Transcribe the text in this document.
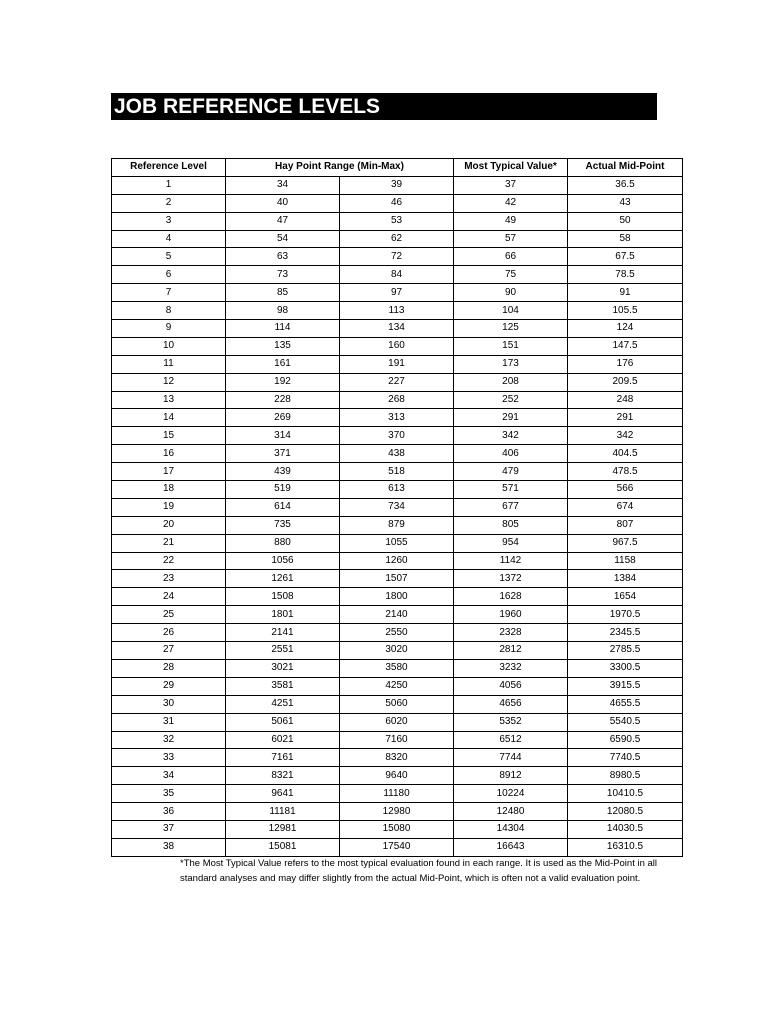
JOB REFERENCE LEVELS
Reference Level	Hay Point Range (Min-Max)		Most Typical Value*	Actual Mid-Point
1	34	39	37	36.5
2	40	46	42	43
3	47	53	49	50
4	54	62	57	58
5	63	72	66	67.5
6	73	84	75	78.5
7	85	97	90	91
8	98	113	104	105.5
9	114	134	125	124
10	135	160	151	147.5
11	161	191	173	176
12	192	227	208	209.5
13	228	268	252	248
14	269	313	291	291
15	314	370	342	342
16	371	438	406	404.5
17	439	518	479	478.5
18	519	613	571	566
19	614	734	677	674
20	735	879	805	807
21	880	1055	954	967.5
22	1056	1260	1142	1158
23	1261	1507	1372	1384
24	1508	1800	1628	1654
25	1801	2140	1960	1970.5
26	2141	2550	2328	2345.5
27	2551	3020	2812	2785.5
28	3021	3580	3232	3300.5
29	3581	4250	4056	3915.5
30	4251	5060	4656	4655.5
31	5061	6020	5352	5540.5
32	6021	7160	6512	6590.5
33	7161	8320	7744	7740.5
34	8321	9640	8912	8980.5
35	9641	11180	10224	10410.5
36	11181	12980	12480	12080.5
37	12981	15080	14304	14030.5
38	15081	17540	16643	16310.5
*The Most Typical Value refers to the most typical evaluation found in each range. It is used as the Mid-Point in all
standard analyses and may differ slightly from the actual Mid-Point, which is often not a valid evaluation point.
